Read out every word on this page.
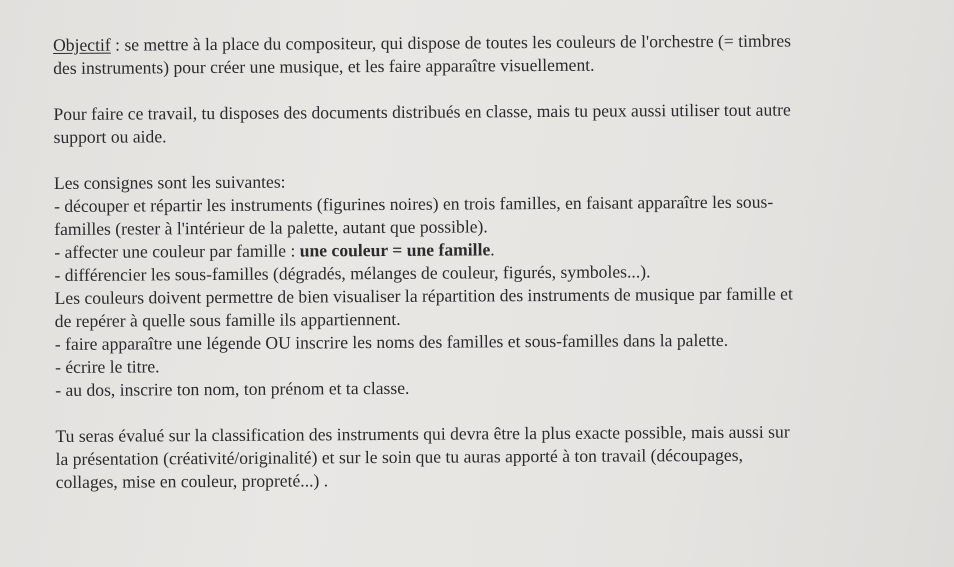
Objectif : se mettre à la place du compositeur, qui dispose de toutes les couleurs de l'orchestre (= timbres

des instruments) pour créer une musique, et les faire apparaître visuellement.

Pour faire ce travail, tu disposes des documents distribués en classe, mais tu peux aussi utiliser tout autre

support ou aide.

Les consignes sont les suivantes:

- découper et répartir les instruments (figurines noires) en trois familles, en faisant apparaître les sous-

familles (rester à l'intérieur de la palette, autant que possible).

- affecter une couleur par famille : une couleur = une famille.

- différencier les sous-familles (dégradés, mélanges de couleur, figurés, symboles...).

Les couleurs doivent permettre de bien visualiser la répartition des instruments de musique par famille et

de repérer à quelle sous famille ils appartiennent.

- faire apparaître une légende OU inscrire les noms des familles et sous-familles dans la palette.

- écrire le titre.

- au dos, inscrire ton nom, ton prénom et ta classe.

Tu seras évalué sur la classification des instruments qui devra être la plus exacte possible, mais aussi sur

la présentation (créativité/originalité) et sur le soin que tu auras apporté à ton travail (découpages,

collages, mise en couleur, propreté...) .
